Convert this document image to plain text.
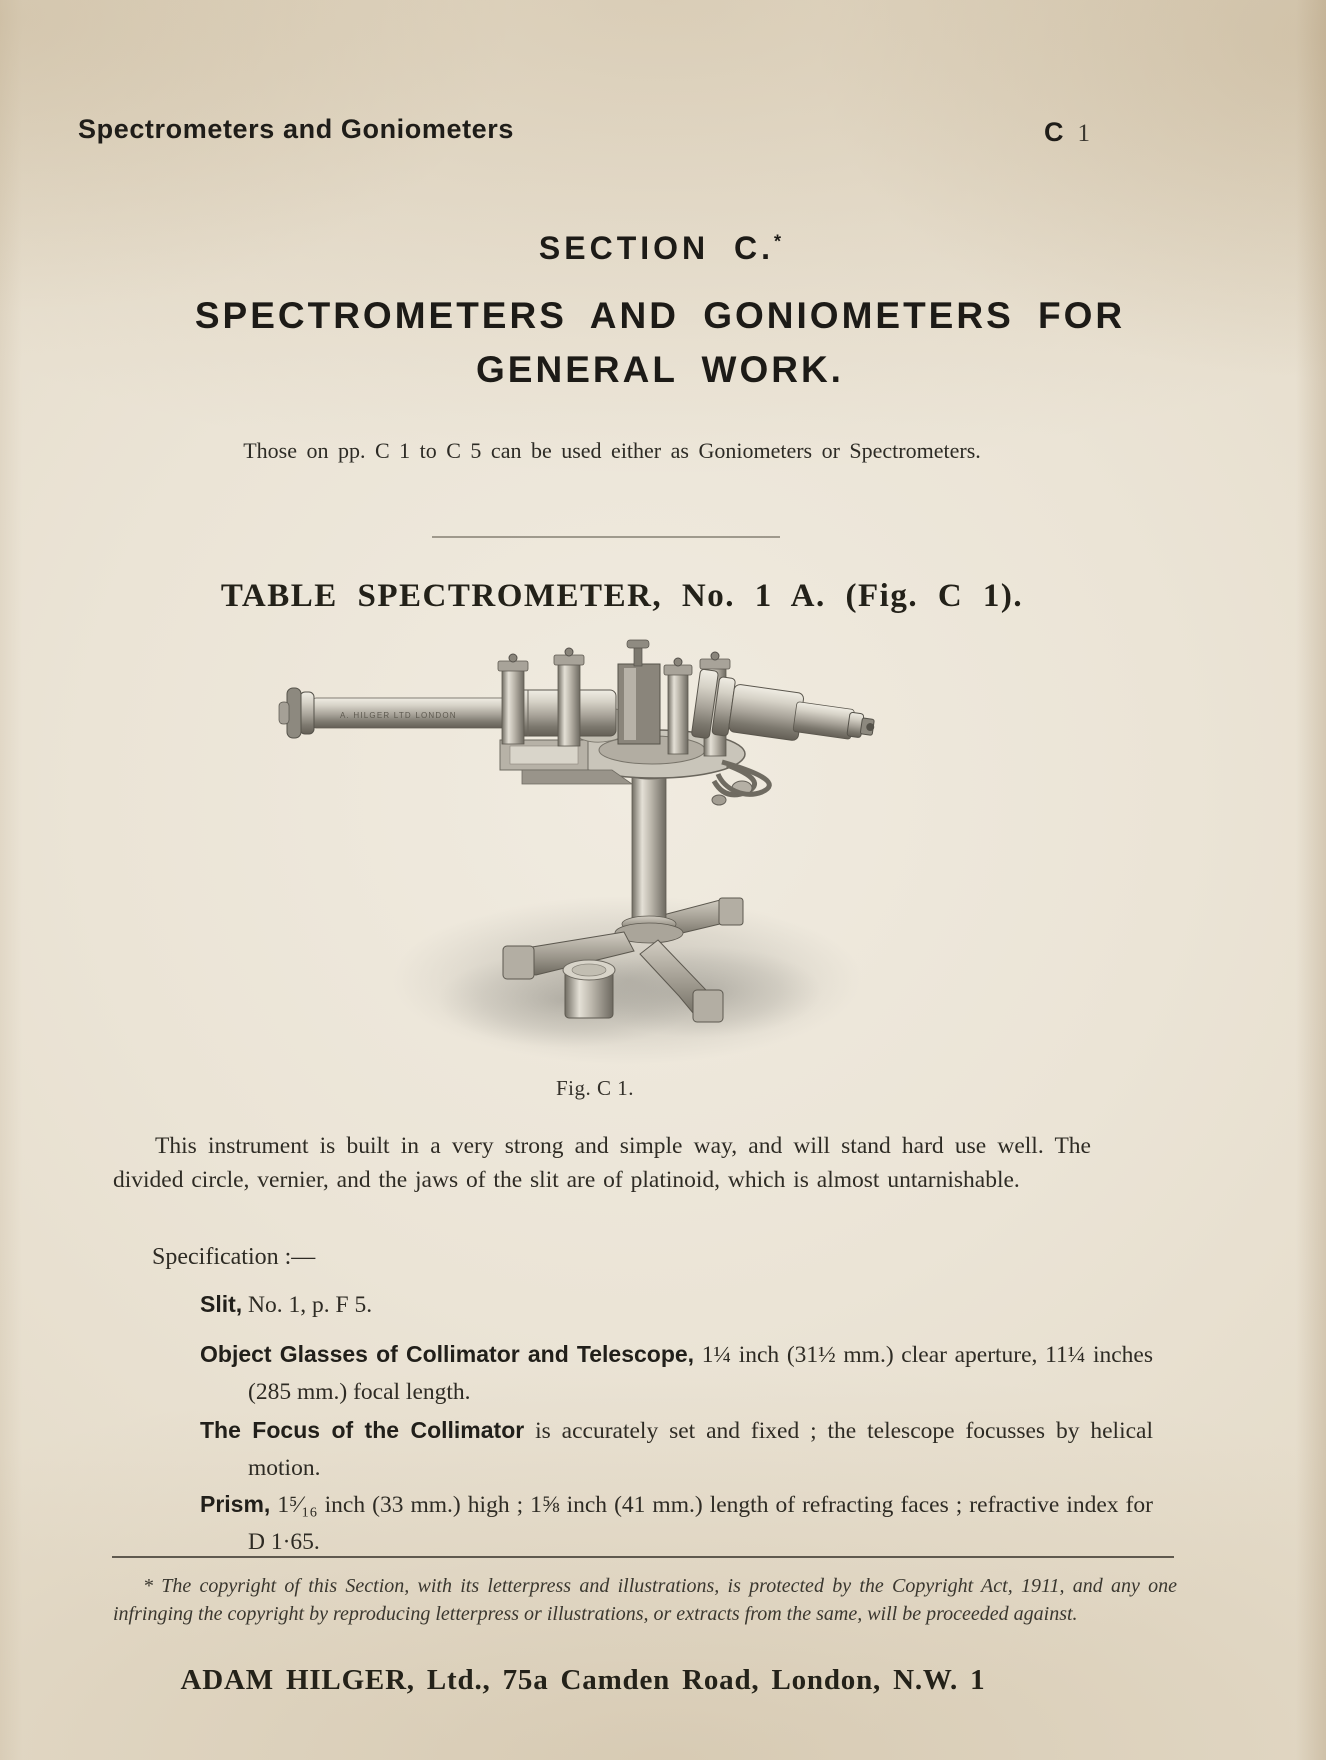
Spectrometers and Goniometers	C 1
SECTION C.*
SPECTROMETERS AND GONIOMETERS FOR
GENERAL WORK.
Those on pp. C 1 to C 5 can be used either as Goniometers or Spectrometers.
TABLE SPECTROMETER, No. 1 A. (Fig. C 1).
A. HILGER LTD LONDON
Fig. C 1.
This instrument is built in a very strong and simple way, and will stand hard use well. The divided circle, vernier, and the jaws of the slit are of platinoid, which is almost untarnishable.
Specification :—
Slit, No. 1, p. F 5.
Object Glasses of Collimator and Telescope, 1¼ inch (31½ mm.) clear aperture, 11¼ inches (285 mm.) focal length.
The Focus of the Collimator is accurately set and fixed ; the telescope focusses by helical motion.
Prism, 1⁵⁄₁₆ inch (33 mm.) high ; 1⅝ inch (41 mm.) length of refracting faces ; refractive index for D 1·65.
* The copyright of this Section, with its letterpress and illustrations, is protected by the Copyright Act, 1911, and any one infringing the copyright by reproducing letterpress or illustrations, or extracts from the same, will be proceeded against.
ADAM HILGER, Ltd., 75a Camden Road, London, N.W. 1
